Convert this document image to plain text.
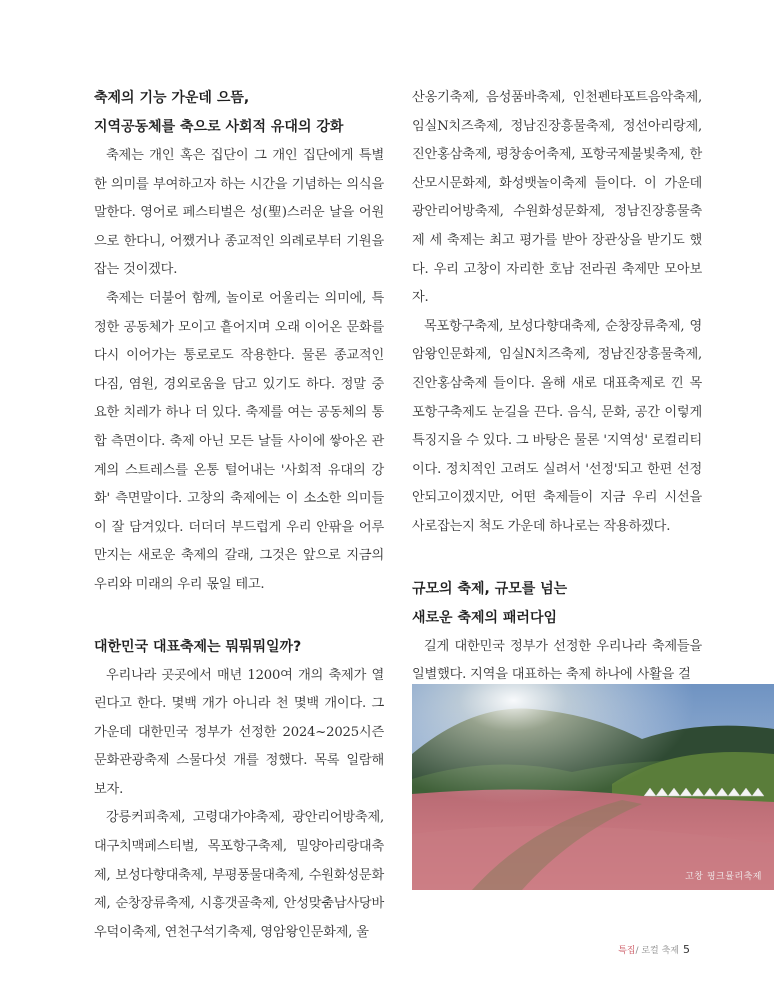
축제의 기능 가운데 으뜸,

지역공동체를 축으로 사회적 유대의 강화

축제는 개인 혹은 집단이 그 개인 집단에게 특별한 의미를 부여하고자 하는 시간을 기념하는 의식을 말한다. 영어로 페스티벌은 성(聖)스러운 날을 어원으로 한다니, 어쨌거나 종교적인 의례로부터 기원을 잡는 것이겠다.

축제는 더불어 함께, 놀이로 어울리는 의미에, 특정한 공동체가 모이고 흩어지며 오래 이어온 문화를 다시 이어가는 통로로도 작용한다. 물론 종교적인 다짐, 염원, 경외로움을 담고 있기도 하다. 정말 중요한 치레가 하나 더 있다. 축제를 여는 공동체의 통합 측면이다. 축제 아닌 모든 날들 사이에 쌓아온 관계의 스트레스를 온통 털어내는 '사회적 유대의 강화' 측면말이다. 고창의 축제에는 이 소소한 의미들이 잘 담겨있다. 더더더 부드럽게 우리 안팎을 어루만지는 새로운 축제의 갈래, 그것은 앞으로 지금의 우리와 미래의 우리 몫일 테고.

대한민국 대표축제는 뭐뭐뭐일까?

우리나라 곳곳에서 매년 1200여 개의 축제가 열린다고 한다. 몇백 개가 아니라 천 몇백 개이다. 그 가운데 대한민국 정부가 선정한 2024~2025시즌 문화관광축제 스물다섯 개를 정했다. 목록 일람해 보자.

강릉커피축제, 고령대가야축제, 광안리어방축제, 대구치맥페스티벌, 목포항구축제, 밀양아리랑대축제, 보성다향대축제, 부평풍물대축제, 수원화성문화제, 순창장류축제, 시흥갯골축제, 안성맞춤남사당바우덕이축제, 연천구석기축제, 영암왕인문화제, 울

산옹기축제, 음성품바축제, 인천펜타포트음악축제, 임실N치즈축제, 정남진장흥물축제, 정선아리랑제, 진안홍삼축제, 평창송어축제, 포항국제불빛축제, 한산모시문화제, 화성뱃놀이축제 들이다. 이 가운데 광안리어방축제, 수원화성문화제, 정남진장흥물축제 세 축제는 최고 평가를 받아 장관상을 받기도 했다. 우리 고창이 자리한 호남 전라권 축제만 모아보자.

목포항구축제, 보성다향대축제, 순창장류축제, 영암왕인문화제, 임실N치즈축제, 정남진장흥물축제, 진안홍삼축제 들이다. 올해 새로 대표축제로 낀 목포항구축제도 눈길을 끈다. 음식, 문화, 공간 이렇게 특징지을 수 있다. 그 바탕은 물론 '지역성' 로컬리티이다. 정치적인 고려도 실려서 '선정'되고 한편 선정 안되고이겠지만, 어떤 축제들이 지금 우리 시선을 사로잡는지 척도 가운데 하나로는 작용하겠다.

규모의 축제, 규모를 넘는

새로운 축제의 패러다임

길게 대한민국 정부가 선정한 우리나라 축제들을 일별했다. 지역을 대표하는 축제 하나에 사활을 걸

고창 핑크뮬리축제
특집/ 로컬 축제 5
